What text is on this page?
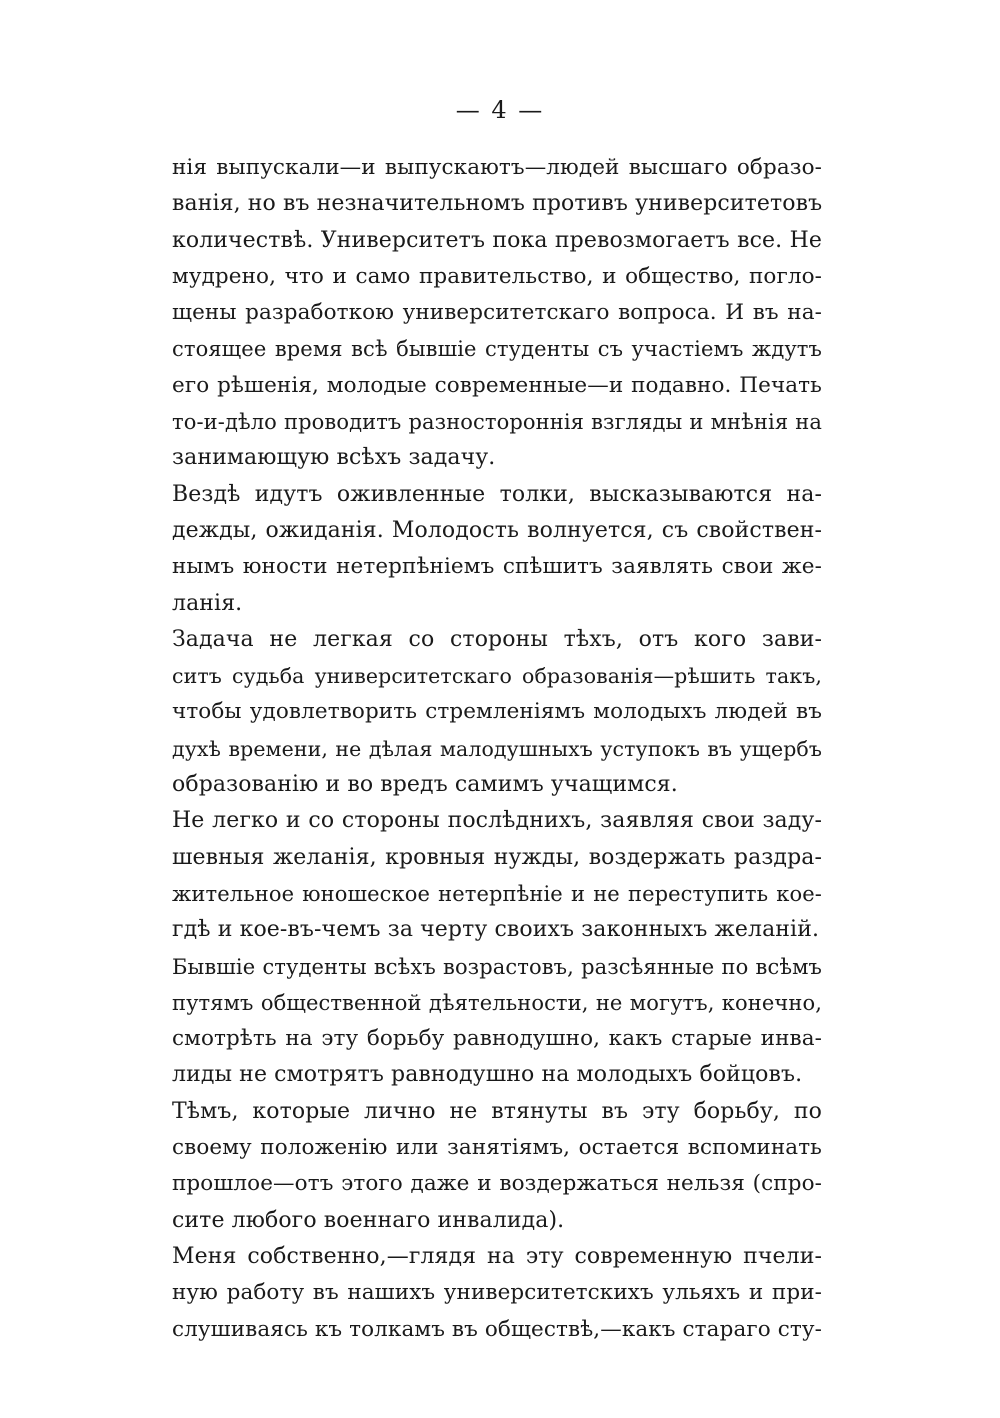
— 4 —
нія выпускали—и выпускаютъ—людей высшаго образо-
ванія, но въ незначительномъ противъ университетовъ
количествѣ. Университетъ пока превозмогаетъ все. Не
мудрено, что и само правительство, и общество, погло-
щены разработкою университетскаго вопроса. И въ на-
стоящее время всѣ бывшіе студенты съ участіемъ ждутъ
его рѣшенія, молодые современные—и подавно. Печать
то-и-дѣло проводитъ разностороннія взгляды и мнѣнія на
занимающую всѣхъ задачу.
Вездѣ идутъ оживленные толки, высказываются на-
дежды, ожиданія. Молодость волнуется, съ свойствен-
нымъ юности нетерпѣніемъ спѣшитъ заявлять свои же-
ланія.
Задача не легкая со стороны тѣхъ, отъ кого зави-
ситъ судьба университетскаго образованія—рѣшить такъ,
чтобы удовлетворить стремленіямъ молодыхъ людей въ
духѣ времени, не дѣлая малодушныхъ уступокъ въ ущербъ
образованію и во вредъ самимъ учащимся.
Не легко и со стороны послѣднихъ, заявляя свои заду-
шевныя желанія, кровныя нужды, воздержать раздра-
жительное юношеское нетерпѣніе и не переступить кое-
гдѣ и кое-въ-чемъ за черту своихъ законныхъ желаній.
Бывшіе студенты всѣхъ возрастовъ, разсѣянные по всѣмъ
путямъ общественной дѣятельности, не могутъ, конечно,
смотрѣть на эту борьбу равнодушно, какъ старые инва-
лиды не смотрятъ равнодушно на молодыхъ бойцовъ.
Тѣмъ, которые лично не втянуты въ эту борьбу, по
своему положенію или занятіямъ, остается вспоминать
прошлое—отъ этого даже и воздержаться нельзя (спро-
сите любого военнаго инвалида).
Меня собственно,—глядя на эту современную пчели-
ную работу въ нашихъ университетскихъ ульяхъ и при-
слушиваясь къ толкамъ въ обществѣ,—какъ стараго сту-
